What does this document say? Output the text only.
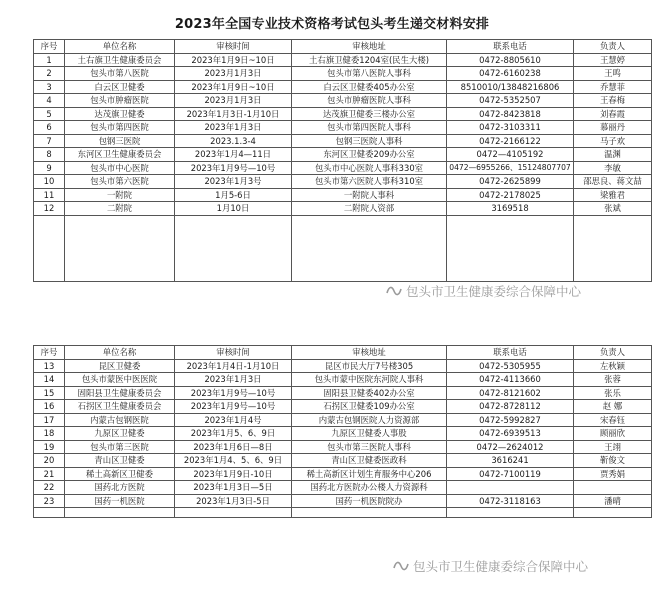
2023年全国专业技术资格考试包头考生递交材料安排
序号	单位名称	审核时间	审核地址	联系电话	负责人
1	土右旗卫生健康委员会	2023年1月9日~10日	土右旗卫健委1204室(民生大楼)	0472-8805610	王慧婷
2	包头市第八医院	2023月1月3日	包头市第八医院人事科	0472-6160238	王鸣
3	白云区卫健委	2023年1月9日~10日	白云区卫健委405办公室	8510010/13848216806	乔慧菲
4	包头市肿瘤医院	2023月1月3日	包头市肿瘤医院人事科	0472-5352507	王春梅
5	达茂旗卫健委	2023年1月3日-1月10日	达茂旗卫健委三楼办公室	0472-8423818	刘春霞
6	包头市第四医院	2023年1月3日	包头市第四医院人事科	0472-3103311	慕丽丹
7	包钢三医院	2023.1.3-4	包钢三医院人事科	0472-2166122	马子欢
8	东河区卫生健康委员会	2023年1月4—11日	东河区卫健委209办公室	0472—4105192	温渊
9	包头市中心医院	2023年1月9号—10号	包头市中心医院人事科330室	0472—6955266、15124807707	李敏
10	包头市第六医院	2023年1月3号	包头市第六医院人事科310室	0472-2625899	邵思良、蒋文喆
11	一附院	1月5-6日	一附院人事科	0472-2178025	梁雅君
12	二附院	1月10日	二附院人资部	3169518	张斌

包头市卫生健康委综合保障中心
序号	单位名称	审核时间	审核地址	联系电话	负责人
13	昆区卫健委	2023年1月4日-1月10日	昆区市民大厅7号楼305	0472-5305955	左秋颖
14	包头市蒙医中医医院	2023年1月3日	包头市蒙中医院东河院人事科	0472-4113660	张蓉
15	固阳县卫生健康委员会	2023年1月9号—10号	固阳县卫健委402办公室	0472-8121602	张乐
16	石拐区卫生健康委员会	2023年1月9号—10号	石拐区卫健委109办公室	0472-8728112	赵 娜
17	内蒙古包钢医院	2023年1月4号	内蒙古包钢医院人力资源部	0472-5992827	宋春钰
18	九原区卫健委	2023年1月5、6、9日	九原区卫健委人事股	0472-6939513	顾丽欣
19	包头市第三医院	2023年1月6日—8日	包头市第三医院人事科	0472—2624012	王翊
20	青山区卫健委	2023年1月4、5、6、9日	青山区卫健委医政科	3616241	靳俊文
21	稀土高新区卫健委	2023年1月9日-10日	稀土高新区计划生育服务中心206	0472-7100119	贾秀娟
22	国药北方医院	2023年1月3日—5日	国药北方医院办公楼人力资源科		
23	国药一机医院	2023年1月3日-5日	国药一机医院院办	0472-3118163	潘晴

包头市卫生健康委综合保障中心
